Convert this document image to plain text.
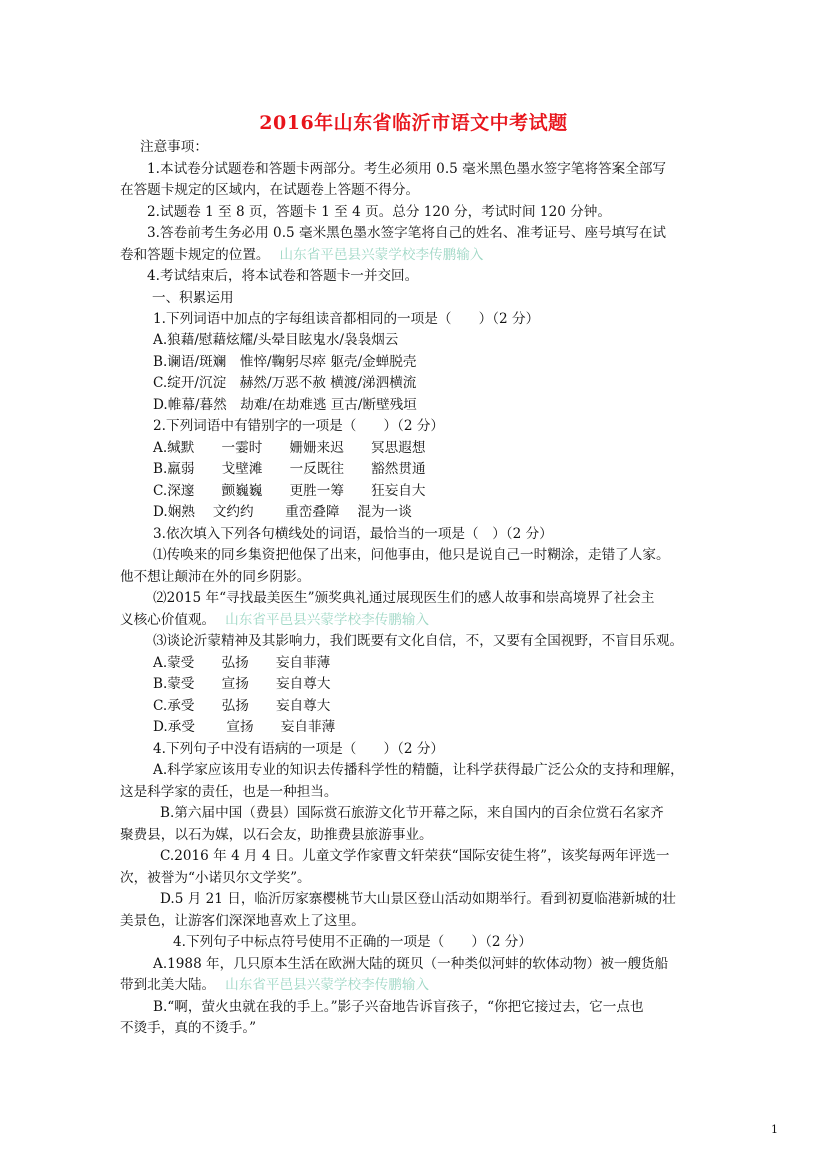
2016年山东省临沂市语文中考试题
注意事项：
1.本试卷分试题卷和答题卡两部分。考生必须用 0.5 毫米黑色墨水签字笔将答案全部写
在答题卡规定的区域内，在试题卷上答题不得分。
2.试题卷 1 至 8 页，答题卡 1 至 4 页。总分 120 分，考试时间 120 分钟。
3.答卷前考生务必用 0.5 毫米黑色墨水签字笔将自己的姓名、准考证号、座号填写在试
卷和答题卡规定的位置。 山东省平邑县兴蒙学校李传鹏输入
4.考试结束后，将本试卷和答题卡一并交回。
一、积累运用
1.下列词语中加点的字每组读音都相同的一项是（　　）（2 分）
A.狼藉/慰藉炫耀/头晕目眩鬼水/袅袅烟云
B.谰语/斑斓　惟悴/鞠躬尽瘁 躯壳/金蝉脱壳
C.绽开/沉淀　赫然/万恶不赦 横渡/涕泗横流
D.帷幕/暮然　劫难/在劫难逃 亘古/断壁残垣
2.下列词语中有错别字的一项是（　　）（2 分）
A.缄默　　一霎时　　姗姗来迟　　冥思遐想
B.羸弱　　戈壁滩　　一反既往　　豁然贯通
C.深邃　　颤巍巍　　更胜一筹　　狂妄自大
D.娴熟　 文约约　　 重峦叠障　 混为一谈
3.依次填入下列各句横线处的词语，最恰当的一项是（　）（2 分）
⑴传唤来的同乡集资把他保了出来，问他事由，他只是说自己一时糊涂，走错了人家。
他不想让颠沛在外的同乡阴影。
⑵2015 年“寻找最美医生”颁奖典礼通过展现医生们的感人故事和崇高境界了社会主
义核心价值观。 山东省平邑县兴蒙学校李传鹏输入
⑶谈论沂蒙精神及其影响力，我们既要有文化自信，不，又要有全国视野，不盲目乐观。
A.蒙受　　弘扬　　妄自菲薄
B.蒙受　　宣扬　　妄自尊大
C.承受　　弘扬　　妄自尊大
D.承受　　 宣扬　　妄自菲薄
4.下列句子中没有语病的一项是（　　）（2 分）
A.科学家应该用专业的知识去传播科学性的精髓，让科学获得最广泛公众的支持和理解，
这是科学家的责任，也是一种担当。
B.第六届中国（费县）国际赏石旅游文化节开幕之际，来自国内的百余位赏石名家齐
聚费县，以石为媒，以石会友，助推费县旅游事业。
C.2016 年 4 月 4 日。儿童文学作家曹文轩荣获“国际安徒生将”，该奖每两年评选一
次，被誉为“小诺贝尔文学奖”。
D.5 月 21 日，临沂厉家寨樱桃节大山景区登山活动如期举行。看到初夏临港新城的壮
美景色，让游客们深深地喜欢上了这里。
4.下列句子中标点符号使用不正确的一项是（　　）（2 分）
A.1988 年，几只原本生活在欧洲大陆的斑贝（一种类似河蚌的软体动物）被一艘货船
带到北美大陆。 山东省平邑县兴蒙学校李传鹏输入
B.“啊，萤火虫就在我的手上。”影子兴奋地告诉盲孩子，“你把它接过去，它一点也
不烫手，真的不烫手。”
1
